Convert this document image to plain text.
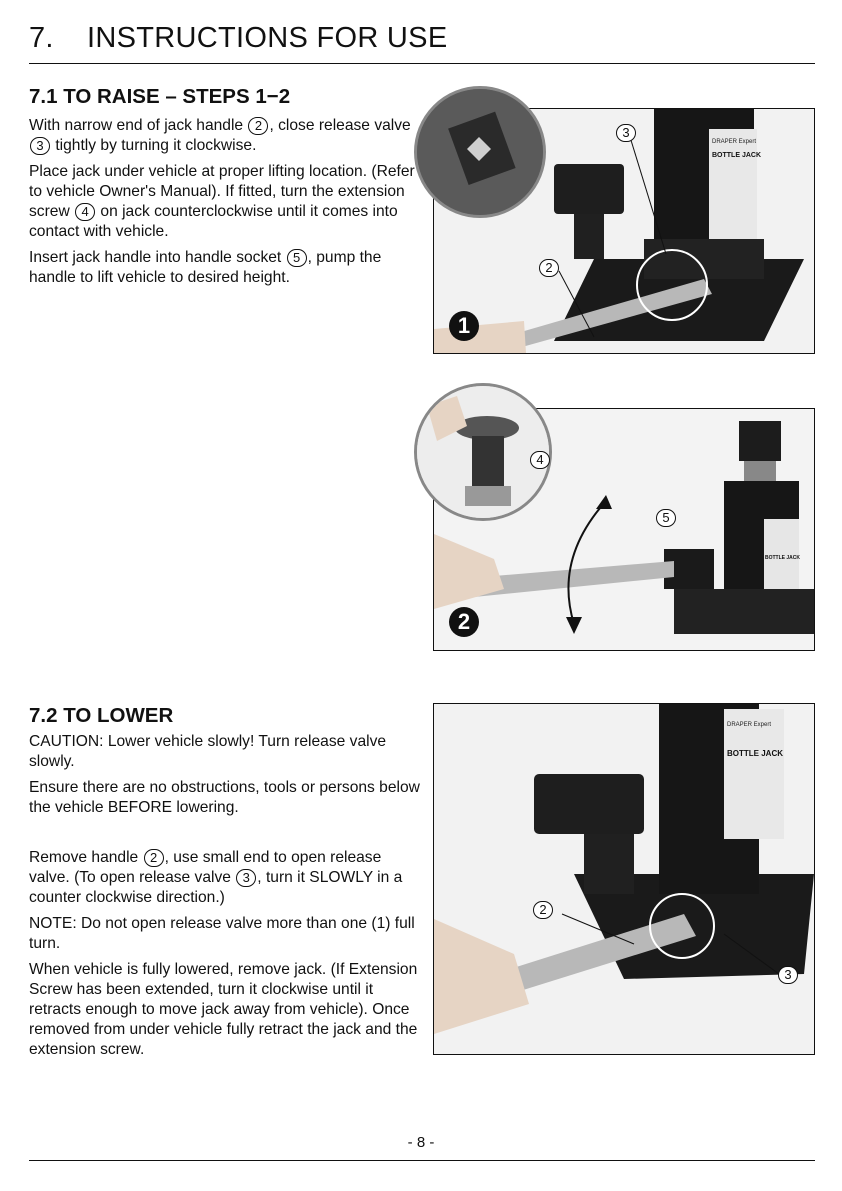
7. INSTRUCTIONS FOR USE
7.1 TO RAISE – STEPS 1−2

With narrow end of jack handle 2 , close release valve 3 tightly by turning it clockwise.

Place jack under vehicle at proper lifting location. (Refer to vehicle Owner's Manual). If fitted, turn the extension screw 4 on jack counterclockwise until it comes into contact with vehicle.

Insert jack handle into handle socket 5 , pump the handle to lift vehicle to desired height.

DRAPER Expert
BOTTLE JACK
3
2
1
BOTTLE JACK
4
5
2
7.2 TO LOWER

CAUTION: Lower vehicle slowly! Turn release valve slowly.

Ensure there are no obstructions, tools or persons below the vehicle BEFORE lowering.

Remove handle 2 , use small end to open release valve. (To open release valve 3 , turn it SLOWLY in a counter clockwise direction.)

NOTE: Do not open release valve more than one (1) full turn.

When vehicle is fully lowered, remove jack. (If Extension Screw has been extended, turn it clockwise until it retracts enough to move jack away from vehicle). Once removed from under vehicle fully retract the jack and the extension screw.

DRAPER Expert
BOTTLE JACK
2
3
- 8 -
